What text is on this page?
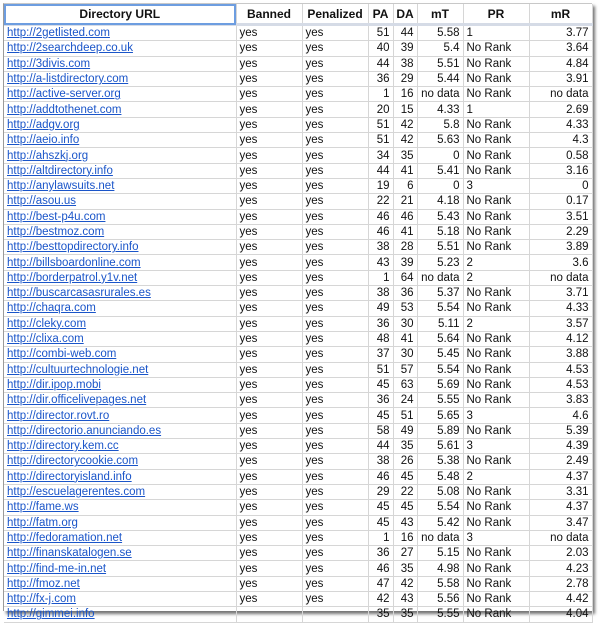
Directory URL	Banned	Penalized	PA	DA	mT	PR	mR
http://2getlisted.com	yes	yes	51	44	5.58	1	3.77
http://2searchdeep.co.uk	yes	yes	40	39	5.4	No Rank	3.64
http://3divis.com	yes	yes	44	38	5.51	No Rank	4.84
http://a-listdirectory.com	yes	yes	36	29	5.44	No Rank	3.91
http://active-server.org	yes	yes	1	16	no data	No Rank	no data
http://addtothenet.com	yes	yes	20	15	4.33	1	2.69
http://adgv.org	yes	yes	51	42	5.8	No Rank	4.33
http://aeio.info	yes	yes	51	42	5.63	No Rank	4.3
http://ahszkj.org	yes	yes	34	35	0	No Rank	0.58
http://altdirectory.info	yes	yes	44	41	5.41	No Rank	3.16
http://anylawsuits.net	yes	yes	19	6	0	3	0
http://asou.us	yes	yes	22	21	4.18	No Rank	0.17
http://best-p4u.com	yes	yes	46	46	5.43	No Rank	3.51
http://bestmoz.com	yes	yes	46	41	5.18	No Rank	2.29
http://besttopdirectory.info	yes	yes	38	28	5.51	No Rank	3.89
http://billsboardonline.com	yes	yes	43	39	5.23	2	3.6
http://borderpatrol.y1v.net	yes	yes	1	64	no data	2	no data
http://buscarcasasrurales.es	yes	yes	38	36	5.37	No Rank	3.71
http://chaqra.com	yes	yes	49	53	5.54	No Rank	4.33
http://cleky.com	yes	yes	36	30	5.11	2	3.57
http://clixa.com	yes	yes	48	41	5.64	No Rank	4.12
http://combi-web.com	yes	yes	37	30	5.45	No Rank	3.88
http://cultuurtechnologie.net	yes	yes	51	57	5.54	No Rank	4.53
http://dir.ipop.mobi	yes	yes	45	63	5.69	No Rank	4.53
http://dir.officelivepages.net	yes	yes	36	24	5.55	No Rank	3.83
http://director.rovt.ro	yes	yes	45	51	5.65	3	4.6
http://directorio.anunciando.es	yes	yes	58	49	5.89	No Rank	5.39
http://directory.kem.cc	yes	yes	44	35	5.61	3	4.39
http://directorycookie.com	yes	yes	38	26	5.38	No Rank	2.49
http://directoryisland.info	yes	yes	46	45	5.48	2	4.37
http://escuelagerentes.com	yes	yes	29	22	5.08	No Rank	3.31
http://fame.ws	yes	yes	45	45	5.54	No Rank	4.37
http://fatm.org	yes	yes	45	43	5.42	No Rank	3.47
http://fedoramation.net	yes	yes	1	16	no data	3	no data
http://finanskatalogen.se	yes	yes	36	27	5.15	No Rank	2.03
http://find-me-in.net	yes	yes	46	35	4.98	No Rank	4.23
http://fmoz.net	yes	yes	47	42	5.58	No Rank	2.78
http://fx-j.com	yes	yes	42	43	5.56	No Rank	4.42
http://gimmei.info			35	35	5.55	No Rank	4.04
